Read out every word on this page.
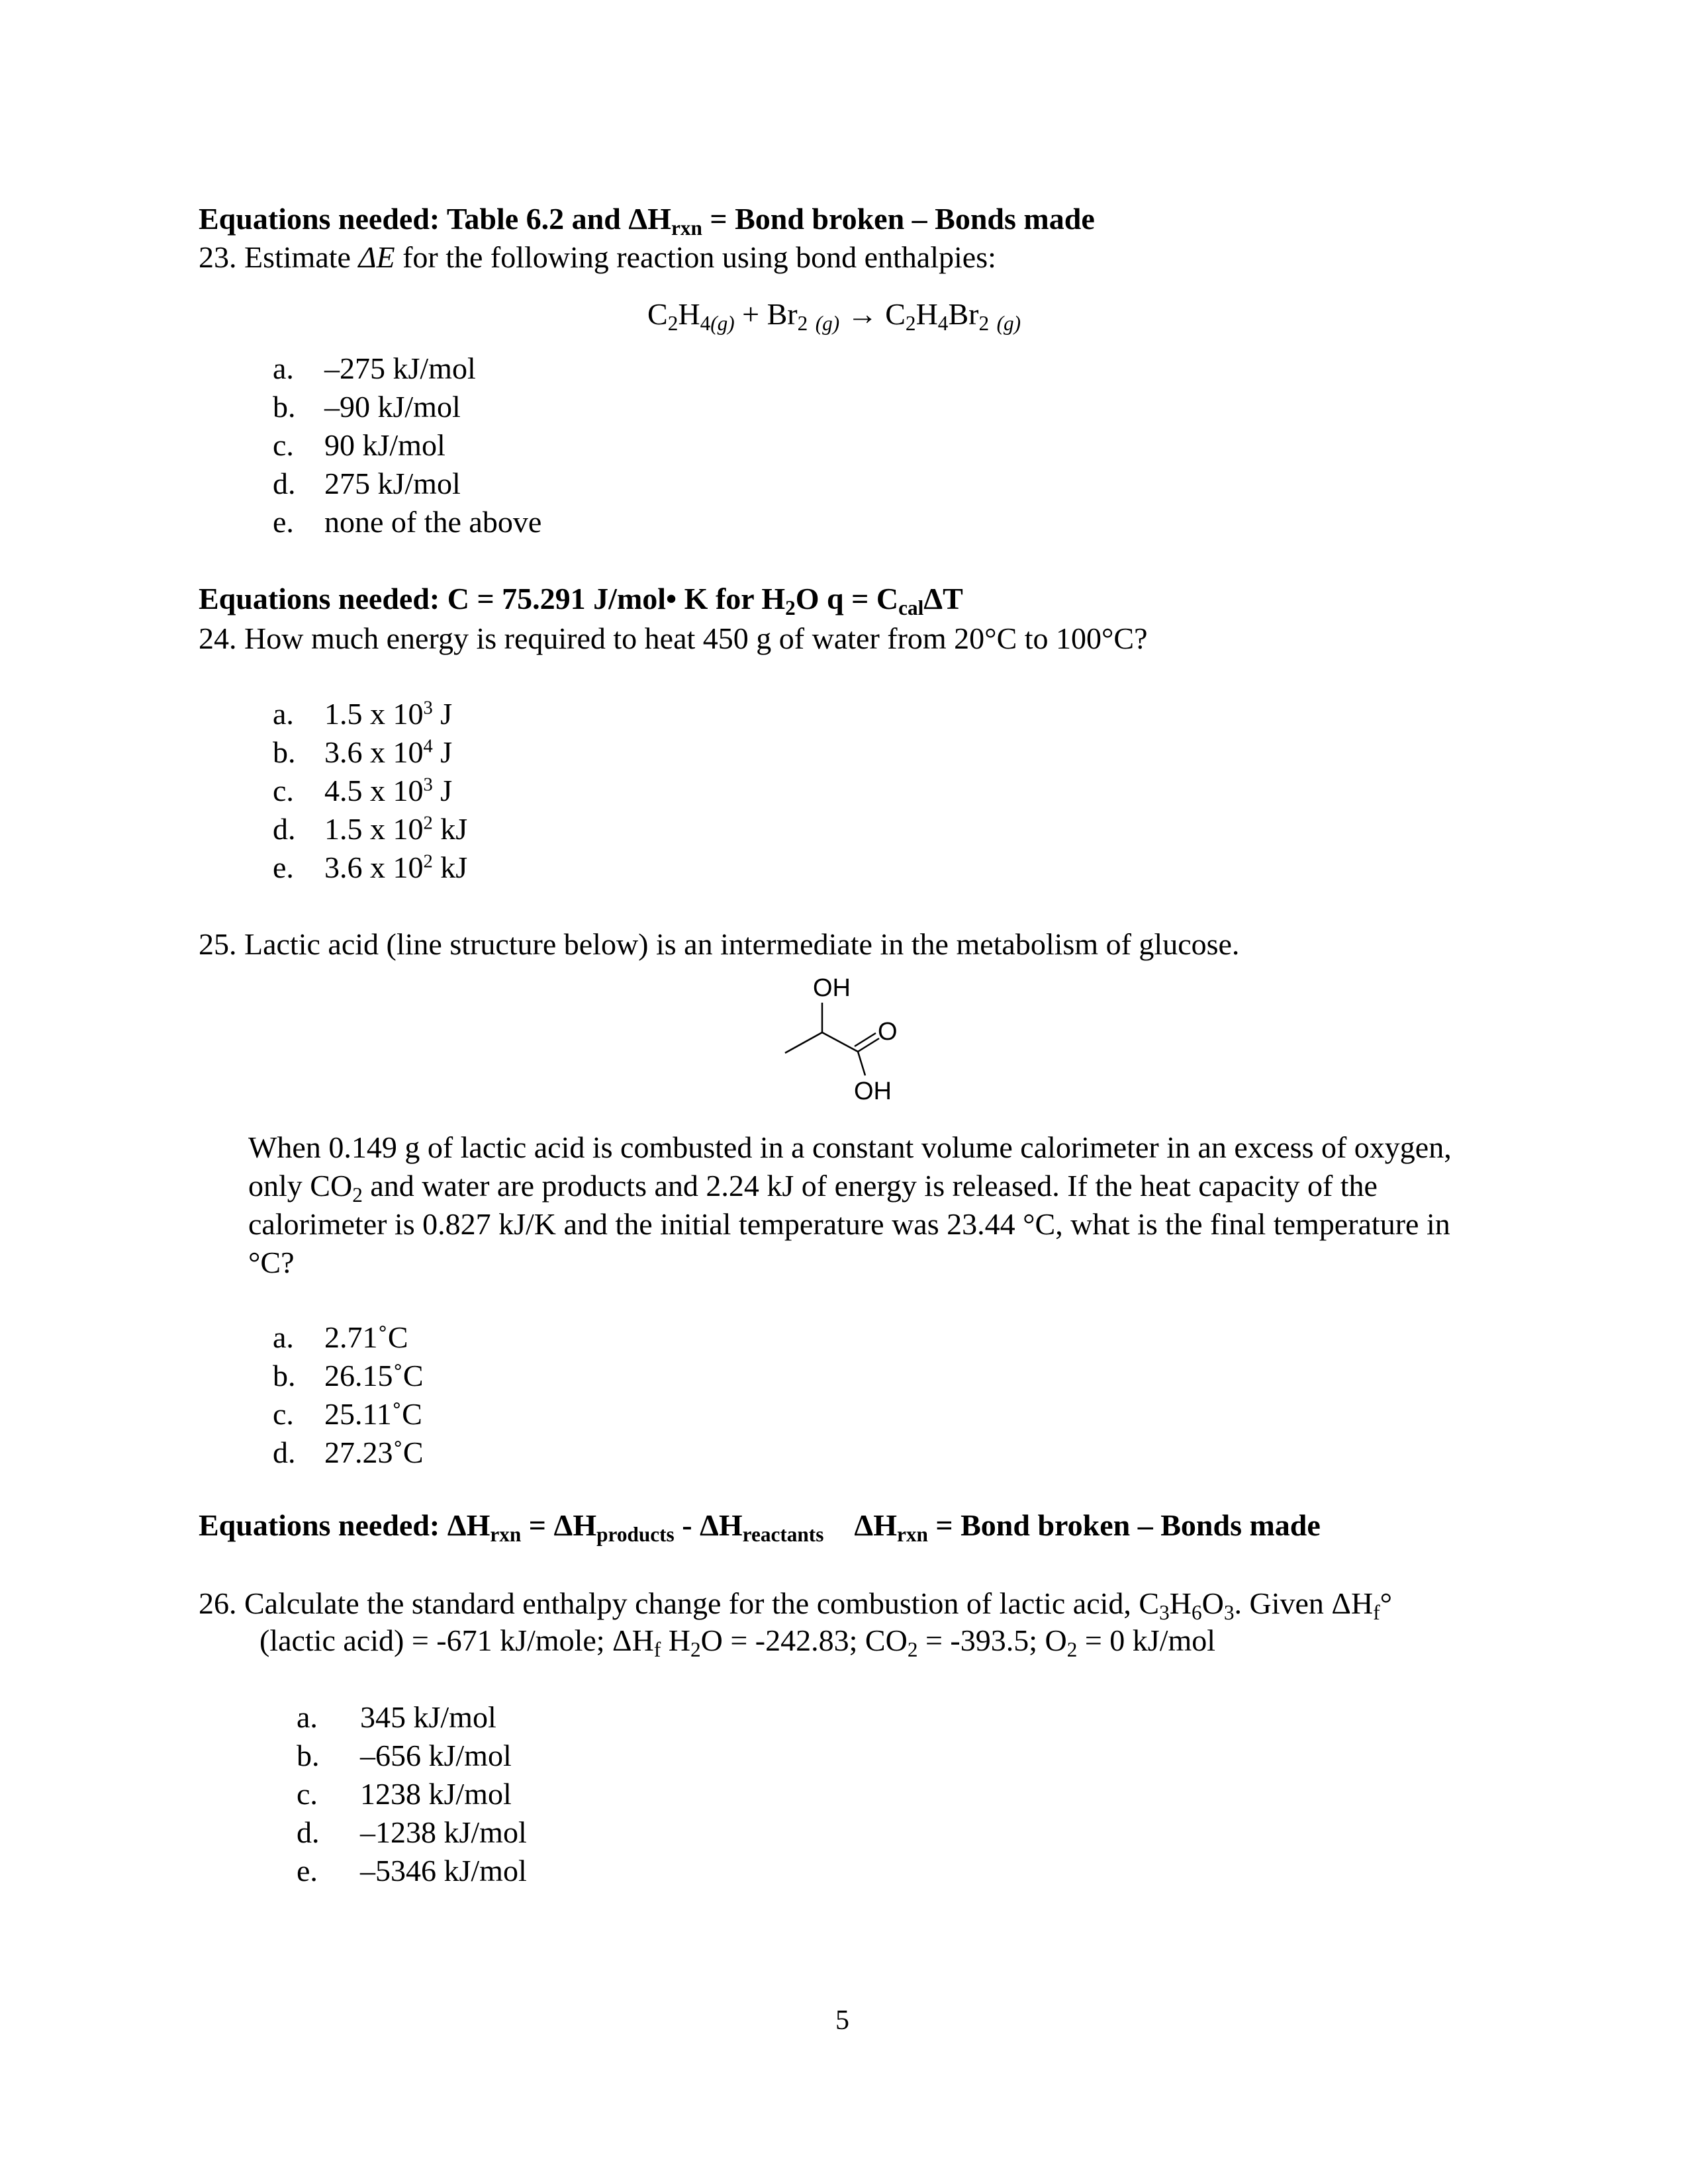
Equations needed: Table 6.2 and $\Delta H_{rxn}$ = Bond broken – Bonds made
23. Estimate ΔE for the following reaction using bond enthalpies:
$C_2H_{4(g)} + Br_2$ $_{(g)} \to C_2H_4Br_2$ $_{(g)}$
a. –275 kJ/mol
b. –90 kJ/mol
c. 90 kJ/mol
d. 275 kJ/mol
e. none of the above
Equations needed: C = 75.291 J/mol• K for $H_2O$ $q = C_{cal}\Delta T$
24. How much energy is required to heat 450 g of water from 20°C to 100°C?
a. 1.5 x $10^3$ J
b. 3.6 x $10^4$ J
c. 4.5 x $10^3$ J
d. 1.5 x $10^2$ kJ
e. 3.6 x $10^2$ kJ
25. Lactic acid (line structure below) is an intermediate in the metabolism of glucose.
OH
O
OH
When 0.149 g of lactic acid is combusted in a constant volume calorimeter in an excess of oxygen, only $CO_2$ and water are products and 2.24 kJ of energy is released. If the heat capacity of the calorimeter is 0.827 kJ/K and the initial temperature was 23.44 °C, what is the final temperature in °C?
a. 2.71˚C
b. 26.15˚C
c. 25.11˚C
d. 27.23˚C
Equations needed: $\Delta H_{rxn} = \Delta H_{products} - \Delta H_{reactants}$ $\Delta H_{rxn}$ = Bond broken – Bonds made
26. Calculate the standard enthalpy change for the combustion of lactic acid, $C_3H_6O_3$. Given $\Delta H_f^\circ$
(lactic acid) = -671 kJ/mole; $\Delta H_f$ $H_2O = -242.83$; $CO_2 = -393.5$; $O_2 = 0$ kJ/mol
a. 345 kJ/mol
b. –656 kJ/mol
c. 1238 kJ/mol
d. –1238 kJ/mol
e. –5346 kJ/mol
5
